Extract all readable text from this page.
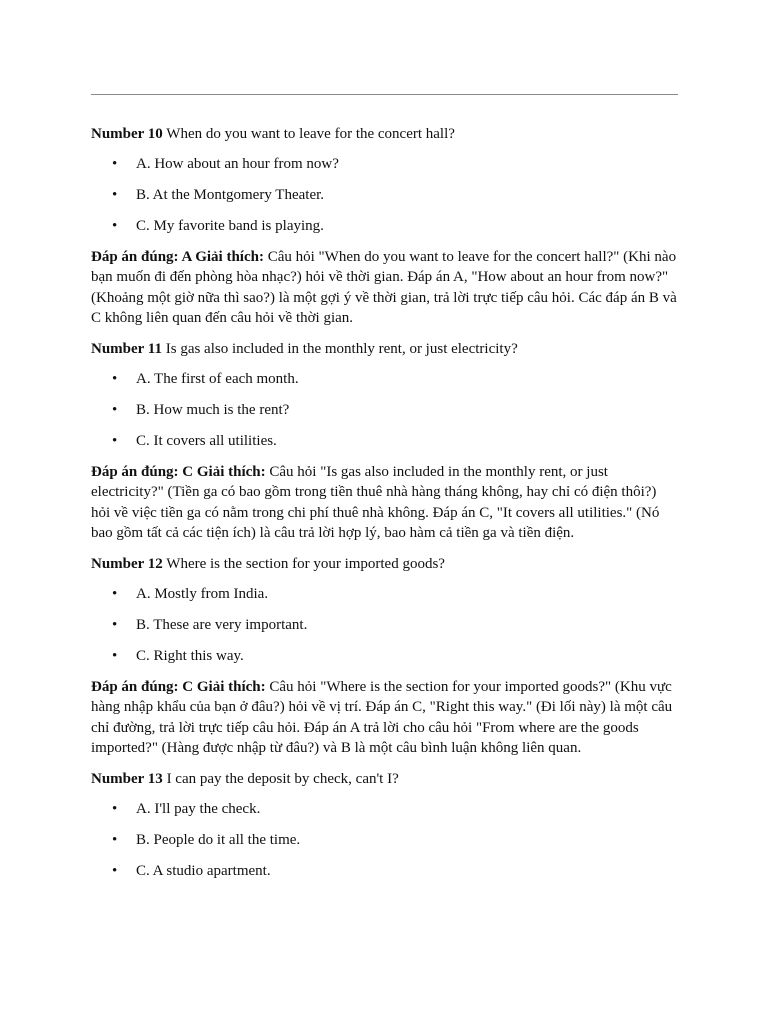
Number 10 When do you want to leave for the concert hall?

• A. How about an hour from now?
• B. At the Montgomery Theater.
• C. My favorite band is playing.

Đáp án đúng: A Giải thích: Câu hỏi "When do you want to leave for the concert hall?" (Khi nào bạn muốn đi đến phòng hòa nhạc?) hỏi về thời gian. Đáp án A, "How about an hour from now?" (Khoảng một giờ nữa thì sao?) là một gợi ý về thời gian, trả lời trực tiếp câu hỏi. Các đáp án B và C không liên quan đến câu hỏi về thời gian.

Number 11 Is gas also included in the monthly rent, or just electricity?

• A. The first of each month.
• B. How much is the rent?
• C. It covers all utilities.

Đáp án đúng: C Giải thích: Câu hỏi "Is gas also included in the monthly rent, or just electricity?" (Tiền ga có bao gồm trong tiền thuê nhà hàng tháng không, hay chỉ có điện thôi?) hỏi về việc tiền ga có nằm trong chi phí thuê nhà không. Đáp án C, "It covers all utilities." (Nó bao gồm tất cả các tiện ích) là câu trả lời hợp lý, bao hàm cả tiền ga và tiền điện.

Number 12 Where is the section for your imported goods?

• A. Mostly from India.
• B. These are very important.
• C. Right this way.

Đáp án đúng: C Giải thích: Câu hỏi "Where is the section for your imported goods?" (Khu vực hàng nhập khẩu của bạn ở đâu?) hỏi về vị trí. Đáp án C, "Right this way." (Đi lối này) là một câu chỉ đường, trả lời trực tiếp câu hỏi. Đáp án A trả lời cho câu hỏi "From where are the goods imported?" (Hàng được nhập từ đâu?) và B là một câu bình luận không liên quan.

Number 13 I can pay the deposit by check, can't I?

• A. I'll pay the check.
• B. People do it all the time.
• C. A studio apartment.
